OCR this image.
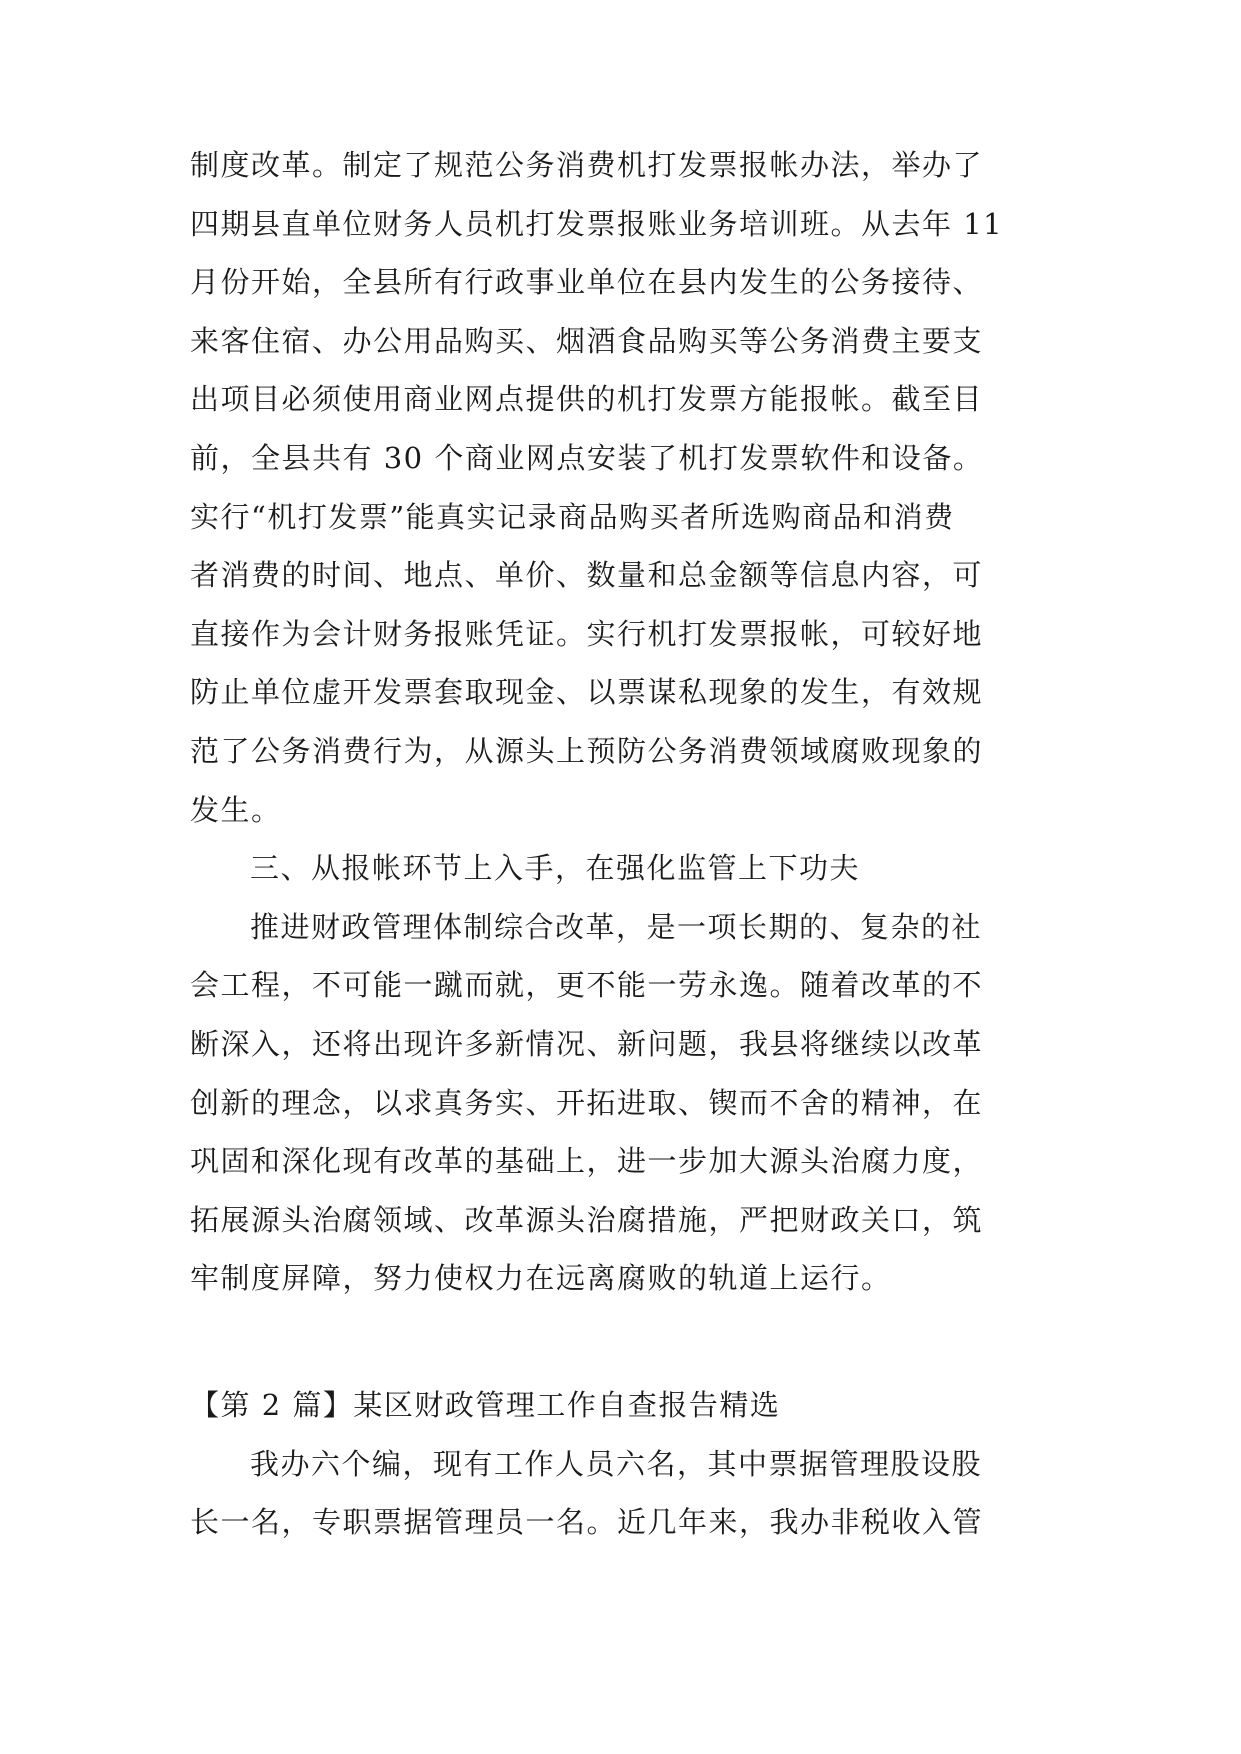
制度改革。制定了规范公务消费机打发票报帐办法，举办了
四期县直单位财务人员机打发票报账业务培训班。从去年 11
月份开始，全县所有行政事业单位在县内发生的公务接待、
来客住宿、办公用品购买、烟酒食品购买等公务消费主要支
出项目必须使用商业网点提供的机打发票方能报帐。截至目
前，全县共有 30 个商业网点安装了机打发票软件和设备。
实行“机打发票”能真实记录商品购买者所选购商品和消费
者消费的时间、地点、单价、数量和总金额等信息内容，可
直接作为会计财务报账凭证。实行机打发票报帐，可较好地
防止单位虚开发票套取现金、以票谋私现象的发生，有效规
范了公务消费行为，从源头上预防公务消费领域腐败现象的
发生。
三、从报帐环节上入手，在强化监管上下功夫
推进财政管理体制综合改革，是一项长期的、复杂的社
会工程，不可能一蹴而就，更不能一劳永逸。随着改革的不
断深入，还将出现许多新情况、新问题，我县将继续以改革
创新的理念，以求真务实、开拓进取、锲而不舍的精神，在
巩固和深化现有改革的基础上，进一步加大源头治腐力度，
拓展源头治腐领域、改革源头治腐措施，严把财政关口，筑
牢制度屏障，努力使权力在远离腐败的轨道上运行。
【第 2 篇】某区财政管理工作自查报告精选
我办六个编，现有工作人员六名，其中票据管理股设股
长一名，专职票据管理员一名。近几年来，我办非税收入管
